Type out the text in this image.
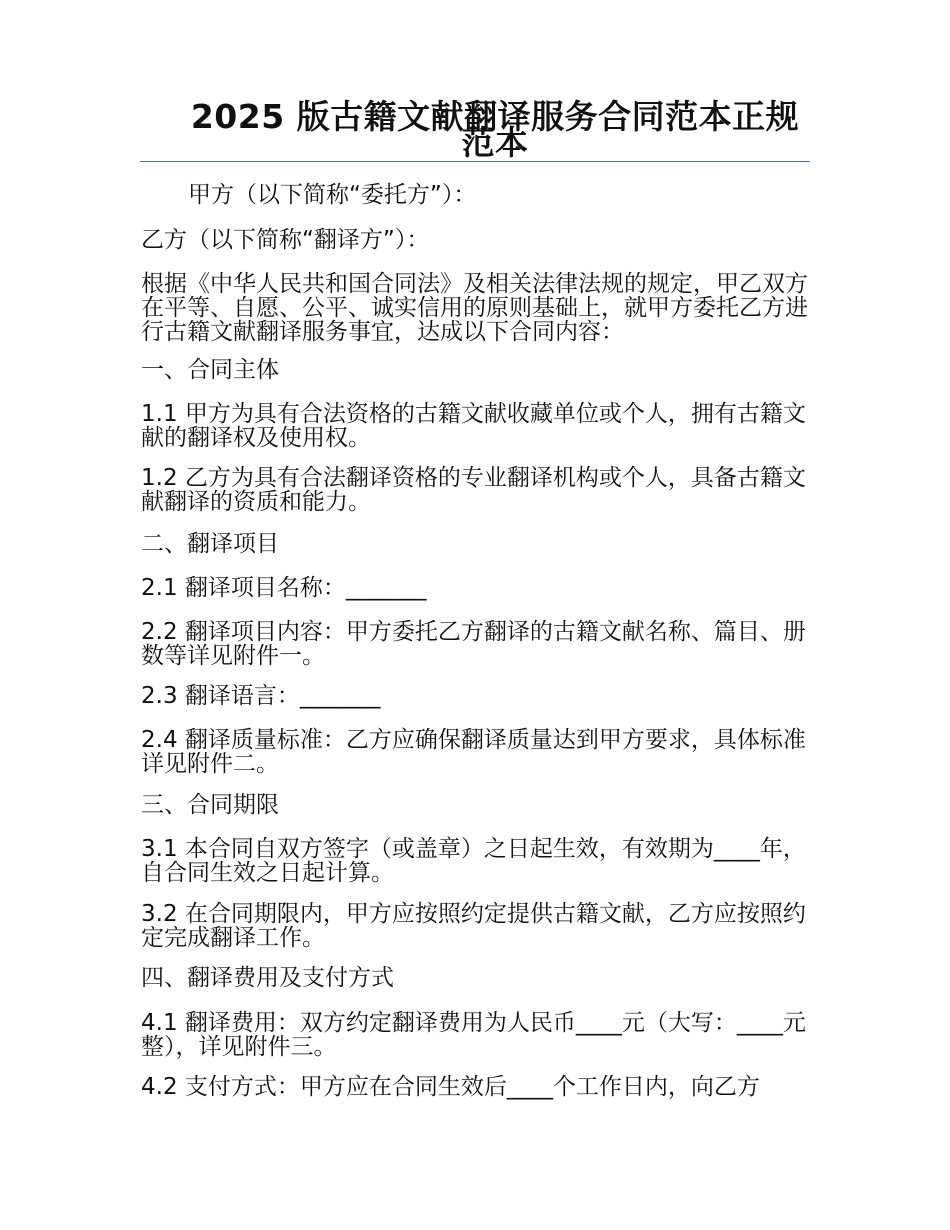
2025 版古籍文献翻译服务合同范本正规范本
甲方（以下简称“委托方”）：
乙方（以下简称“翻译方”）：
根据《中华人民共和国合同法》及相关法律法规的规定，甲乙双方在平等、自愿、公平、诚实信用的原则基础上，就甲方委托乙方进行古籍文献翻译服务事宜，达成以下合同内容：
一、合同主体
1.1 甲方为具有合法资格的古籍文献收藏单位或个人，拥有古籍文献的翻译权及使用权。
1.2 乙方为具有合法翻译资格的专业翻译机构或个人，具备古籍文献翻译的资质和能力。
二、翻译项目
2.1 翻译项目名称：_______
2.2 翻译项目内容：甲方委托乙方翻译的古籍文献名称、篇目、册数等详见附件一。
2.3 翻译语言：_______
2.4 翻译质量标准：乙方应确保翻译质量达到甲方要求，具体标准详见附件二。
三、合同期限
3.1 本合同自双方签字（或盖章）之日起生效，有效期为____年，自合同生效之日起计算。
3.2 在合同期限内，甲方应按照约定提供古籍文献，乙方应按照约定完成翻译工作。
四、翻译费用及支付方式
4.1 翻译费用：双方约定翻译费用为人民币____元（大写：____元整），详见附件三。
4.2 支付方式：甲方应在合同生效后____个工作日内，向乙方
